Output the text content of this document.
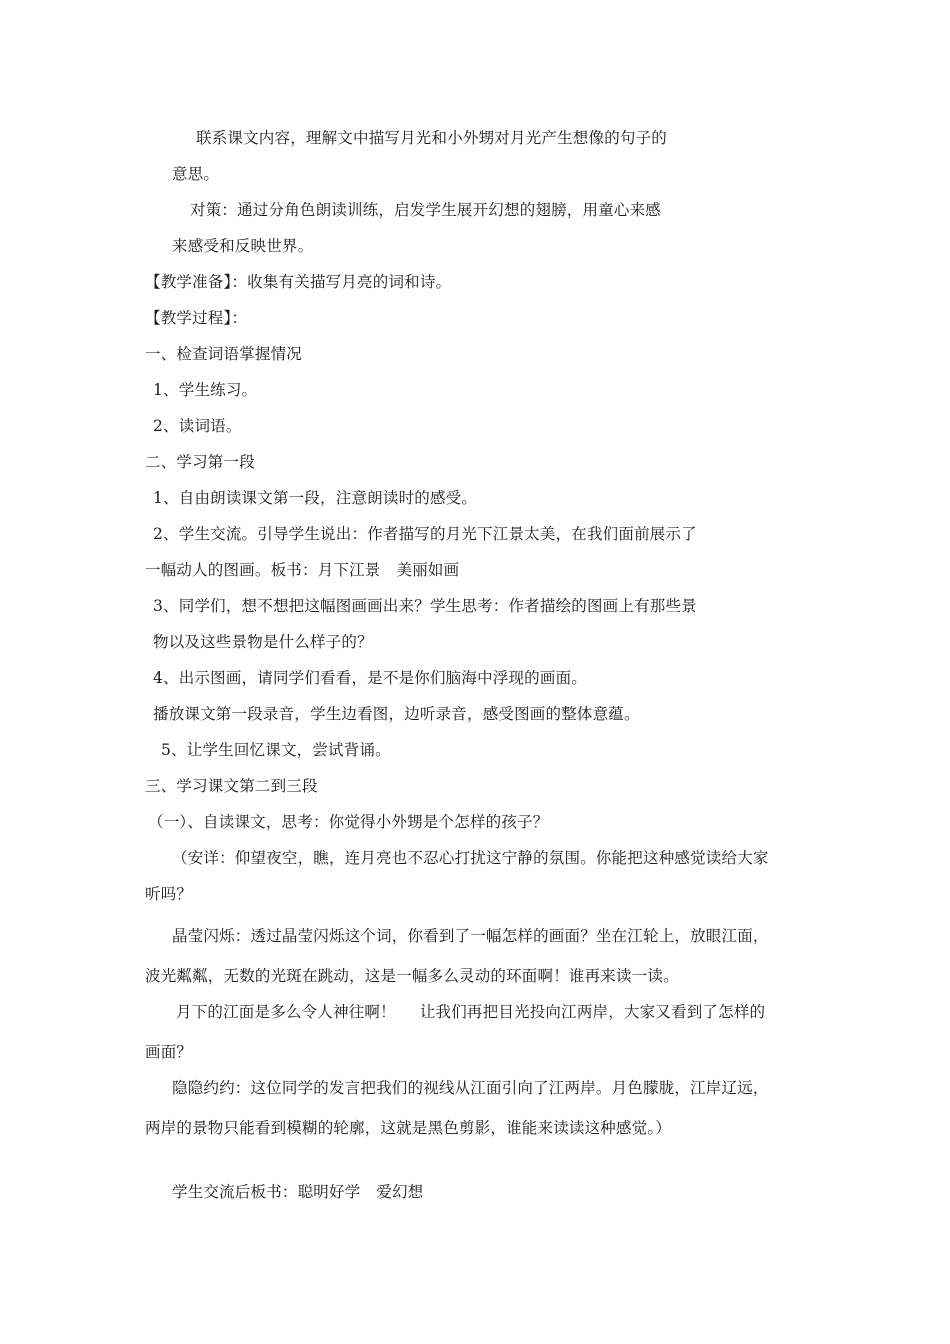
联系课文内容，理解文中描写月光和小外甥对月光产生想像的句子的
意思。
对策：通过分角色朗读训练，启发学生展开幻想的翅膀，用童心来感
来感受和反映世界。
【教学准备】：收集有关描写月亮的词和诗。
【教学过程】：
一、检查词语掌握情况
1、学生练习。
2、读词语。
二、学习第一段
1、自由朗读课文第一段，注意朗读时的感受。
2、学生交流。引导学生说出：作者描写的月光下江景太美，在我们面前展示了
一幅动人的图画。板书：月下江景 美丽如画
3、同学们，想不想把这幅图画画出来？学生思考：作者描绘的图画上有那些景
物以及这些景物是什么样子的？
4、出示图画，请同学们看看，是不是你们脑海中浮现的画面。
播放课文第一段录音，学生边看图，边听录音，感受图画的整体意蕴。
5、让学生回忆课文，尝试背诵。
三、学习课文第二到三段
（一）、自读课文，思考：你觉得小外甥是个怎样的孩子？
（安详：仰望夜空，瞧，连月亮也不忍心打扰这宁静的氛围。你能把这种感觉读给大家
听吗？
晶莹闪烁：透过晶莹闪烁这个词，你看到了一幅怎样的画面？坐在江轮上，放眼江面，
波光粼粼，无数的光斑在跳动，这是一幅多么灵动的环面啊！谁再来读一读。
月下的江面是多么令人神往啊！ 让我们再把目光投向江两岸，大家又看到了怎样的
画面？
隐隐约约：这位同学的发言把我们的视线从江面引向了江两岸。月色朦胧，江岸辽远，
两岸的景物只能看到模糊的轮廓，这就是黑色剪影，谁能来读读这种感觉。）
学生交流后板书：聪明好学 爱幻想
